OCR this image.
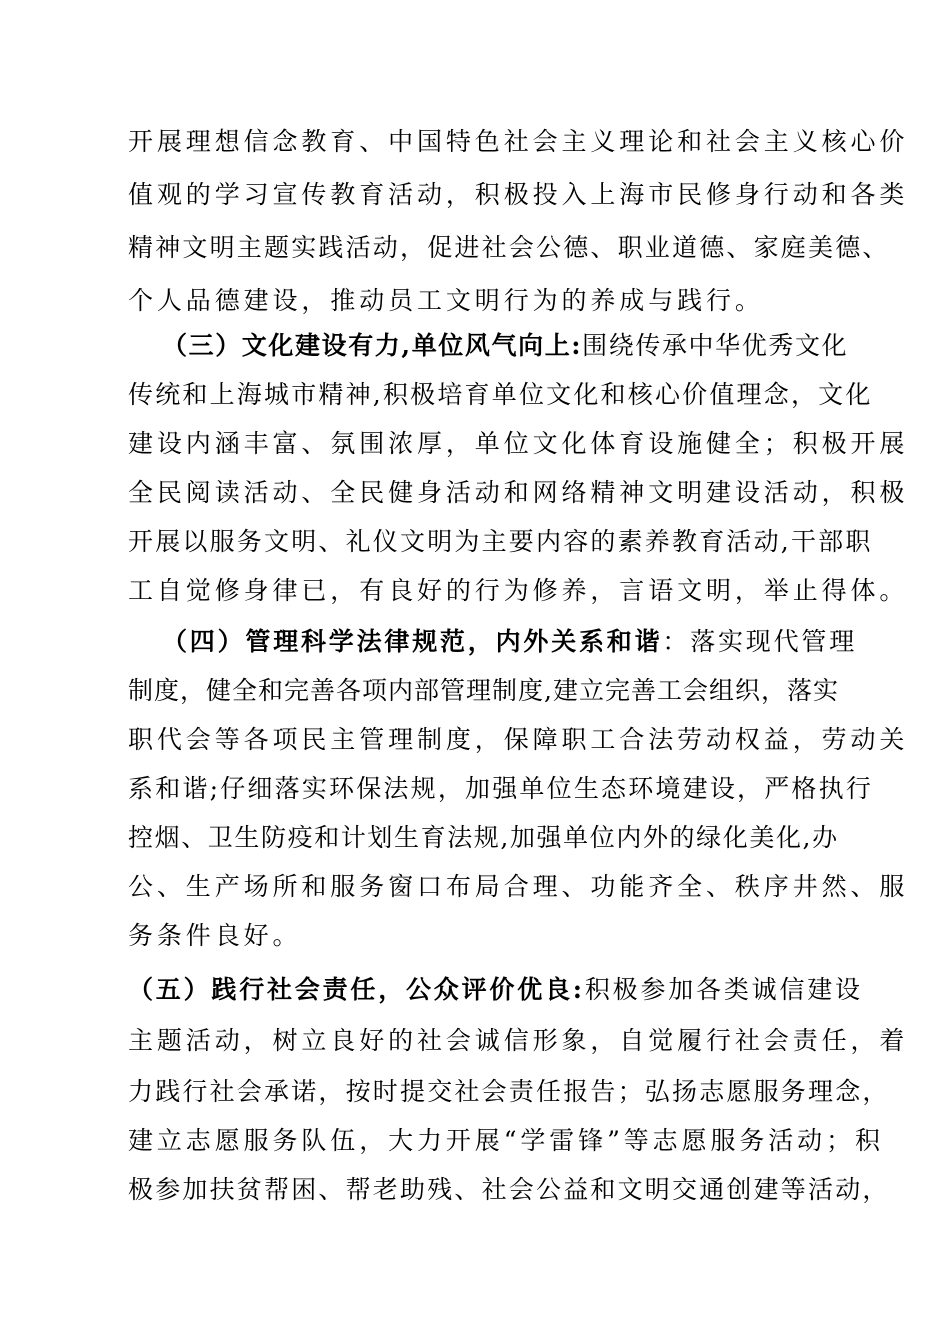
开展理想信念教育、中国特色社会主义理论和社会主义核心价
值观的学习宣传教育活动，积极投入上海市民修身行动和各类
精神文明主题实践活动，促进社会公德、职业道德、家庭美德、
个人品德建设，推动员工文明行为的养成与践行。
（三）文化建设有力,单位风气向上:围绕传承中华优秀文化
传统和上海城市精神,积极培育单位文化和核心价值理念，文化
建设内涵丰富、氛围浓厚，单位文化体育设施健全；积极开展
全民阅读活动、全民健身活动和网络精神文明建设活动，积极
开展以服务文明、礼仪文明为主要内容的素养教育活动,干部职
工自觉修身律已，有良好的行为修养，言语文明，举止得体。
（四）管理科学法律规范，内外关系和谐：落实现代管理
制度，健全和完善各项内部管理制度,建立完善工会组织，落实
职代会等各项民主管理制度，保障职工合法劳动权益，劳动关
系和谐;仔细落实环保法规，加强单位生态环境建设，严格执行
控烟、卫生防疫和计划生育法规,加强单位内外的绿化美化,办
公、生产场所和服务窗口布局合理、功能齐全、秩序井然、服
务条件良好。
（五）践行社会责任，公众评价优良:积极参加各类诚信建设
主题活动，树立良好的社会诚信形象，自觉履行社会责任，着
力践行社会承诺，按时提交社会责任报告；弘扬志愿服务理念，
建立志愿服务队伍，大力开展“学雷锋”等志愿服务活动；积
极参加扶贫帮困、帮老助残、社会公益和文明交通创建等活动，
